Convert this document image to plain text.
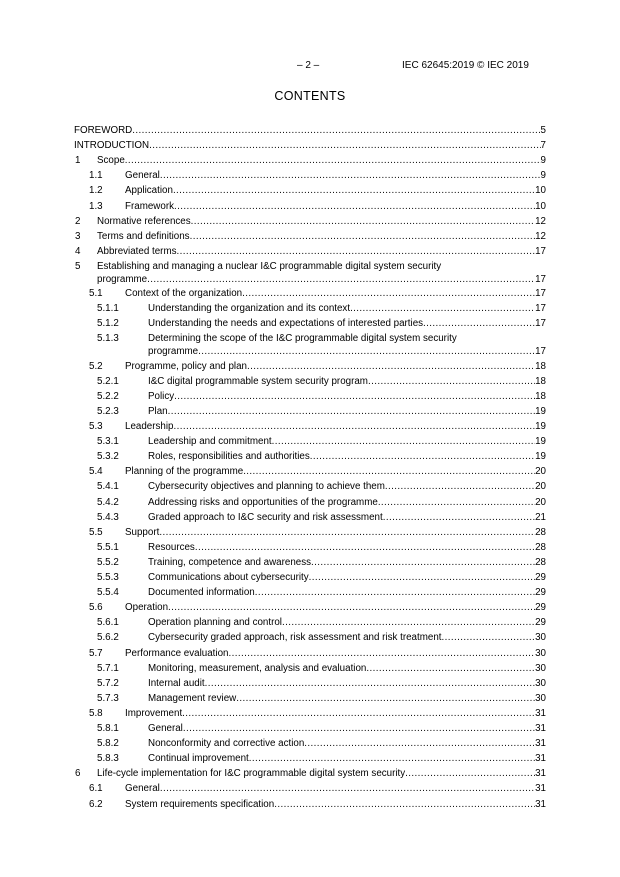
– 2 –	IEC 62645:2019 © IEC 2019
CONTENTS
FOREWORD .....	5
INTRODUCTION .....	7
1 Scope .....	9
1.1 General .....	9
1.2 Application .....	10
1.3 Framework .....	10
2 Normative references .....	12
3 Terms and definitions .....	12
4 Abbreviated terms .....	17
5 Establishing and managing a nuclear I&C programmable digital system security
programme .....	17
5.1 Context of the organization .....	17
5.1.1	Understanding the organization and its context .....	17
5.1.2	Understanding the needs and expectations of interested parties .....	17
5.1.3	Determining the scope of the I&C programmable digital system security
programme .....	17
5.2 Programme, policy and plan .....	18
5.2.1	I&C digital programmable system security program .....	18
5.2.2	Policy .....	18
5.2.3	Plan .....	19
5.3 Leadership .....	19
5.3.1	Leadership and commitment .....	19
5.3.2	Roles, responsibilities and authorities .....	19
5.4 Planning of the programme .....	20
5.4.1	Cybersecurity objectives and planning to achieve them .....	20
5.4.2	Addressing risks and opportunities of the programme .....	20
5.4.3	Graded approach to I&C security and risk assessment .....	21
5.5 Support .....	28
5.5.1	Resources .....	28
5.5.2	Training, competence and awareness .....	28
5.5.3	Communications about cybersecurity .....	29
5.5.4	Documented information .....	29
5.6 Operation .....	29
5.6.1	Operation planning and control .....	29
5.6.2	Cybersecurity graded approach, risk assessment and risk treatment .....	30
5.7 Performance evaluation .....	30
5.7.1	Monitoring, measurement, analysis and evaluation .....	30
5.7.2	Internal audit .....	30
5.7.3	Management review .....	30
5.8 Improvement .....	31
5.8.1	General .....	31
5.8.2	Nonconformity and corrective action .....	31
5.8.3	Continual improvement .....	31
6 Life-cycle implementation for I&C programmable digital system security .....	31
6.1 General .....	31
6.2 System requirements specification .....	31
